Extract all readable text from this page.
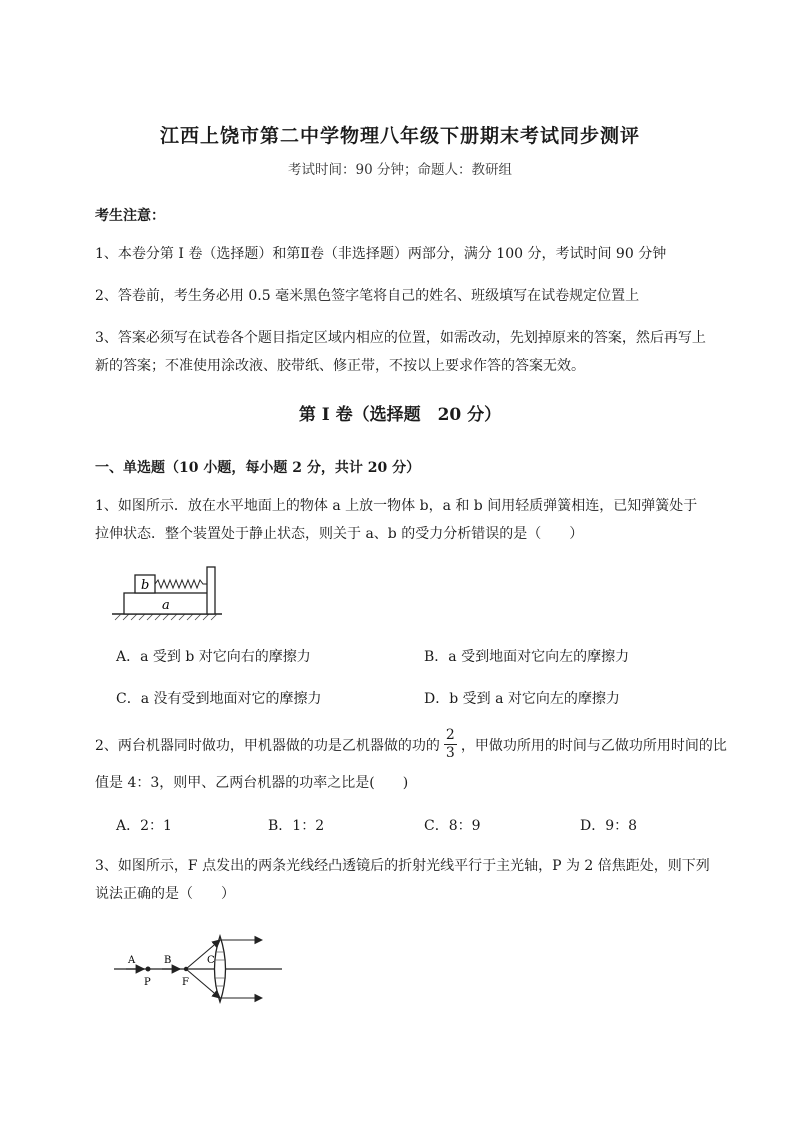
江西上饶市第二中学物理八年级下册期末考试同步测评
考试时间：90 分钟；命题人：教研组
考生注意：
1、本卷分第 I 卷（选择题）和第Ⅱ卷（非选择题）两部分，满分 100 分，考试时间 90 分钟
2、答卷前，考生务必用 0.5 毫米黑色签字笔将自己的姓名、班级填写在试卷规定位置上
3、答案必须写在试卷各个题目指定区域内相应的位置，如需改动，先划掉原来的答案，然后再写上新的答案；不准使用涂改液、胶带纸、修正带，不按以上要求作答的答案无效。
第 I 卷（选择题　20 分）
一、单选题（10 小题，每小题 2 分，共计 20 分）
1、如图所示．放在水平地面上的物体 a 上放一物体 b，a 和 b 间用轻质弹簧相连，已知弹簧处于拉伸状态．整个装置处于静止状态，则关于 a、b 的受力分析错误的是（　　）
b
a
A．a 受到 b 对它向右的摩擦力	B．a 受到地面对它向左的摩擦力
C．a 没有受到地面对它的摩擦力	D．b 受到 a 对它向左的摩擦力
2、两台机器同时做功，甲机器做的功是乙机器做的功的 $\frac{2}{3}$ ，甲做功所用的时间与乙做功所用时间的比
值是 4：3，则甲、乙两台机器的功率之比是(　　)
A．2：1	B．1：2	C．8：9	D．9：8
3、如图所示，F 点发出的两条光线经凸透镜后的折射光线平行于主光轴，P 为 2 倍焦距处，则下列说法正确的是（　　）
A	B	C
P	F
